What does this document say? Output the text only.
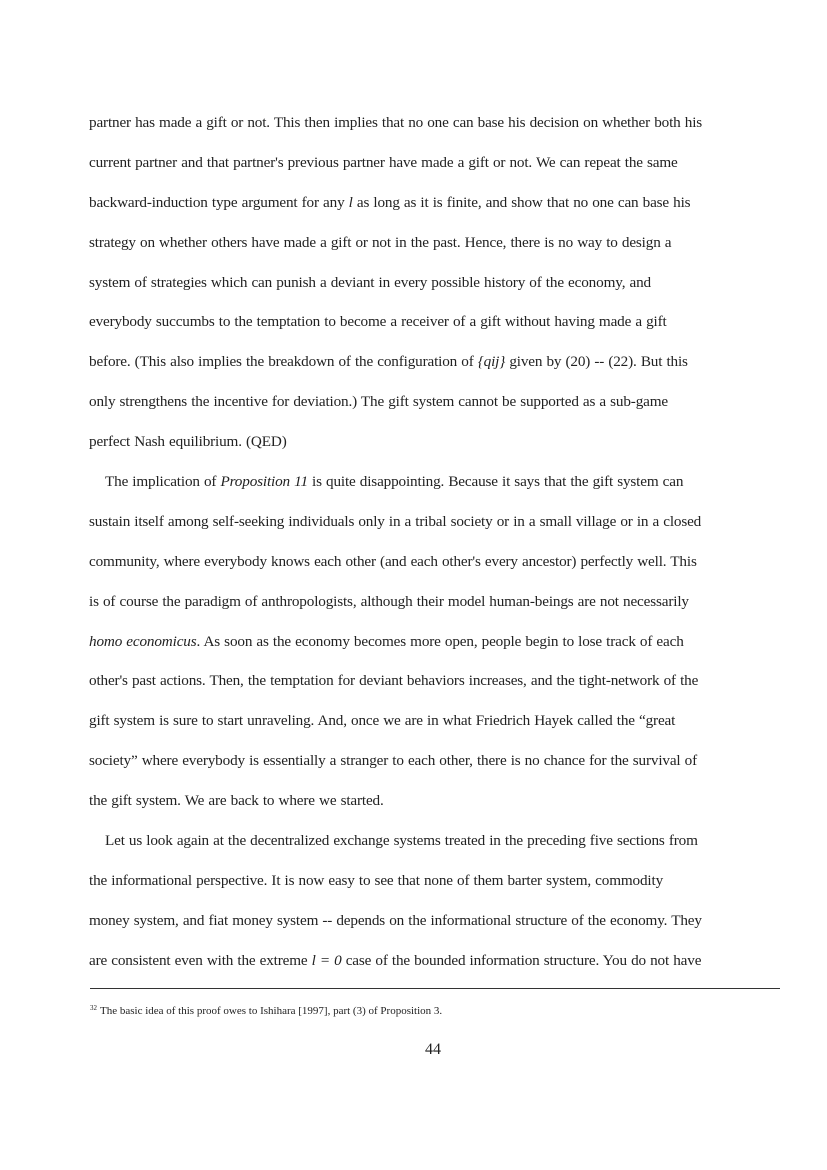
partner has made a gift or not. This then implies that no one can base his decision on whether both his
current partner and that partner's previous partner have made a gift or not. We can repeat the same
backward-induction type argument for any l as long as it is finite, and show that no one can base his
strategy on whether others have made a gift or not in the past. Hence, there is no way to design a
system of strategies which can punish a deviant in every possible history of the economy, and
everybody succumbs to the temptation to become a receiver of a gift without having made a gift
before. (This also implies the breakdown of the configuration of {qij} given by (20) -- (22). But this
only strengthens the incentive for deviation.) The gift system cannot be supported as a sub-game
perfect Nash equilibrium. (QED)
The implication of Proposition 11 is quite disappointing. Because it says that the gift system can
sustain itself among self-seeking individuals only in a tribal society or in a small village or in a closed
community, where everybody knows each other (and each other's every ancestor) perfectly well. This
is of course the paradigm of anthropologists, although their model human-beings are not necessarily
homo economicus. As soon as the economy becomes more open, people begin to lose track of each
other's past actions. Then, the temptation for deviant behaviors increases, and the tight-network of the
gift system is sure to start unraveling. And, once we are in what Friedrich Hayek called the “great
society” where everybody is essentially a stranger to each other, there is no chance for the survival of
the gift system. We are back to where we started.
Let us look again at the decentralized exchange systems treated in the preceding five sections from
the informational perspective. It is now easy to see that none of them barter system, commodity
money system, and fiat money system -- depends on the informational structure of the economy. They
are consistent even with the extreme l = 0 case of the bounded information structure. You do not have
$^{32}$ The basic idea of this proof owes to Ishihara [1997], part (3) of Proposition 3.
44
